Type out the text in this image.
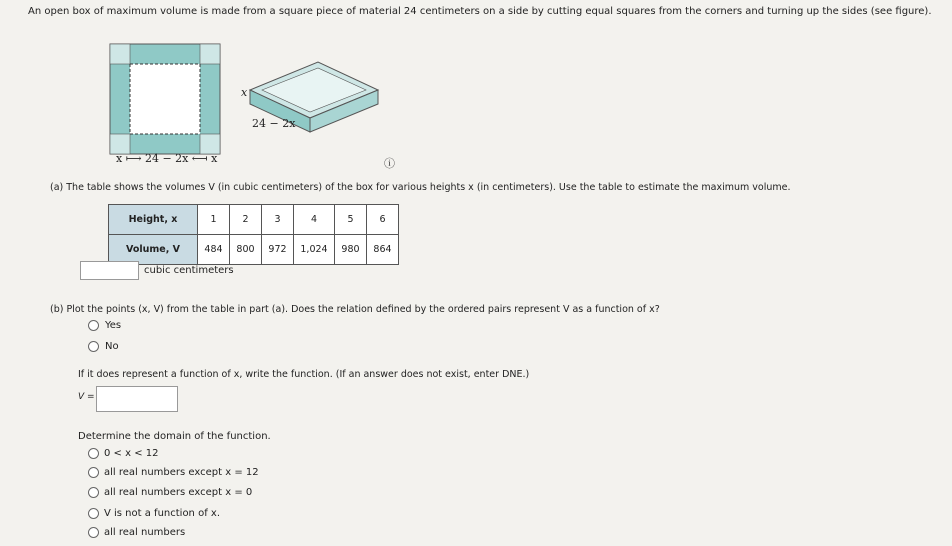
An open box of maximum volume is made from a square piece of material 24 centimeters on a side by cutting equal squares from the corners and turning up the sides (see figure).
x ⟼ 24 − 2x ⟻ x
x
24 − 2x
ⓘ
(a) The table shows the volumes V (in cubic centimeters) of the box for various heights x (in centimeters). Use the table to estimate the maximum volume.
Height, x	1	2	3	4	5	6
Volume, V	484	800	972	1,024	980	864
cubic centimeters
(b) Plot the points (x, V) from the table in part (a). Does the relation defined by the ordered pairs represent V as a function of x?
Yes
No
If it does represent a function of x, write the function. (If an answer does not exist, enter DNE.)
V =
Determine the domain of the function.
0 < x < 12
all real numbers except x = 12
all real numbers except x = 0
V is not a function of x.
all real numbers
